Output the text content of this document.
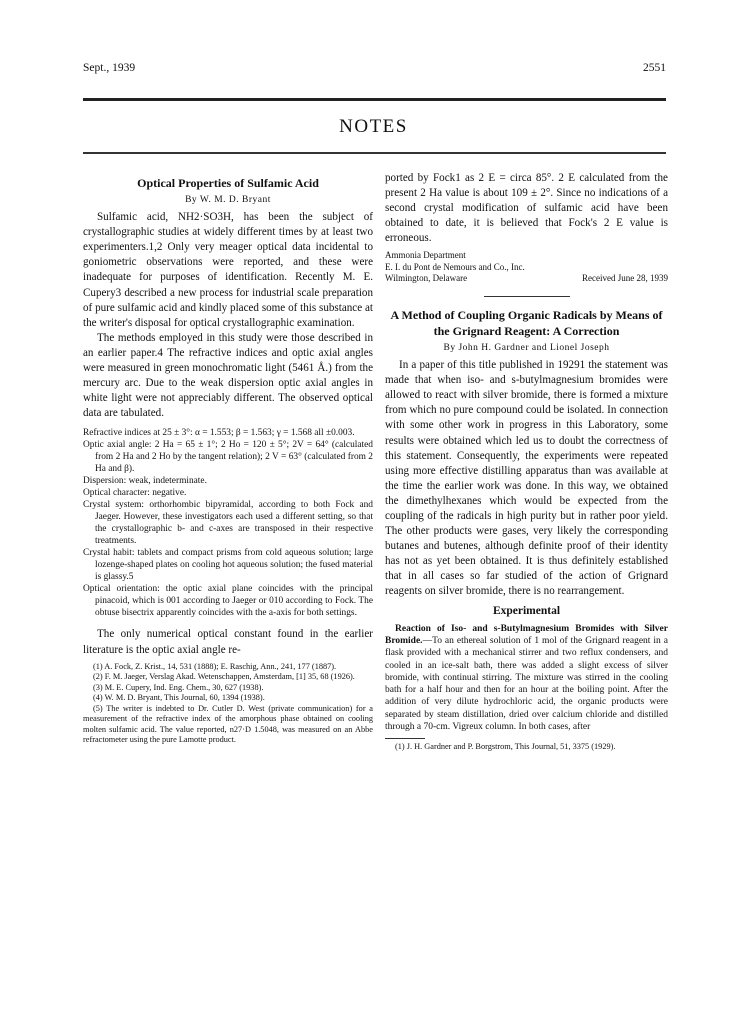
Sept., 1939	2551
NOTES
Optical Properties of Sulfamic Acid
By W. M. D. Bryant

Sulfamic acid, NH2·SO3H, has been the subject of crystallographic studies at widely different times by at least two experimenters.1,2 Only very meager optical data incidental to goniometric observations were reported, and these were inadequate for purposes of identification. Recently M. E. Cupery3 described a new process for industrial scale preparation of pure sulfamic acid and kindly placed some of this substance at the writer's disposal for optical crystallographic examination.

The methods employed in this study were those described in an earlier paper.4 The refractive indices and optic axial angles were measured in green monochromatic light (5461 Å.) from the mercury arc. Due to the weak dispersion optic axial angles in white light were not appreciably different. The observed optical data are tabulated.

Refractive indices at 25 ± 3°: α = 1.553; β = 1.563; γ = 1.568 all ±0.003.
Optic axial angle: 2 Ha = 65 ± 1°; 2 Ho = 120 ± 5°; 2V = 64° (calculated from 2 Ha and 2 Ho by the tangent relation); 2 V = 63° (calculated from 2 Ha and β).
Dispersion: weak, indeterminate.
Optical character: negative.
Crystal system: orthorhombic bipyramidal, according to both Fock and Jaeger. However, these investigators each used a different setting, so that the crystallographic b- and c-axes are transposed in their respective treatments.
Crystal habit: tablets and compact prisms from cold aqueous solution; large lozenge-shaped plates on cooling hot aqueous solution; the fused material is glassy.5
Optical orientation: the optic axial plane coincides with the principal pinacoid, which is 001 according to Jaeger or 010 according to Fock. The obtuse bisectrix apparently coincides with the a-axis for both settings.

The only numerical optical constant found in the earlier literature is the optic axial angle re-

(1) A. Fock, Z. Krist., 14, 531 (1888); E. Raschig, Ann., 241, 177 (1887).
(2) F. M. Jaeger, Verslag Akad. Wetenschappen, Amsterdam, [1] 35, 68 (1926).
(3) M. E. Cupery, Ind. Eng. Chem., 30, 627 (1938).
(4) W. M. D. Bryant, This Journal, 60, 1394 (1938).
(5) The writer is indebted to Dr. Cutler D. West (private communication) for a measurement of the refractive index of the amorphous phase obtained on cooling molten sulfamic acid. The value reported, n27·D 1.5048, was measured on an Abbe refractometer using the pure Lamotte product.

ported by Fock1 as 2 E = circa 85°. 2 E calculated from the present 2 Ha value is about 109 ± 2°. Since no indications of a second crystal modification of sulfamic acid have been obtained to date, it is believed that Fock's 2 E value is erroneous.

Ammonia Department
E. I. du Pont de Nemours and Co., Inc.
Wilmington, Delaware	Received June 28, 1939
A Method of Coupling Organic Radicals by Means of the Grignard Reagent: A Correction
By John H. Gardner and Lionel Joseph

In a paper of this title published in 19291 the statement was made that when iso- and s-butylmagnesium bromides were allowed to react with silver bromide, there is formed a mixture from which no pure compound could be isolated. In connection with some other work in progress in this Laboratory, some results were obtained which led us to doubt the correctness of this statement. Consequently, the experiments were repeated using more effective distilling apparatus than was available at the time the earlier work was done. In this way, we obtained the dimethylhexanes which would be expected from the coupling of the radicals in high purity but in rather poor yield. The other products were gases, very likely the corresponding butanes and butenes, although definite proof of their identity has not as yet been obtained. It is thus definitely established that in all cases so far studied of the action of Grignard reagents on silver bromide, there is no rearrangement.

Experimental
Reaction of Iso- and s-Butylmagnesium Bromides with Silver Bromide.—To an ethereal solution of 1 mol of the Grignard reagent in a flask provided with a mechanical stirrer and two reflux condensers, and cooled in an ice-salt bath, there was added a slight excess of silver bromide, with continual stirring. The mixture was stirred in the cooling bath for a half hour and then for an hour at the boiling point. After the addition of very dilute hydrochloric acid, the organic products were separated by steam distillation, dried over calcium chloride and distilled through a 70-cm. Vigreux column. In both cases, after
(1) J. H. Gardner and P. Borgstrom, This Journal, 51, 3375 (1929).
